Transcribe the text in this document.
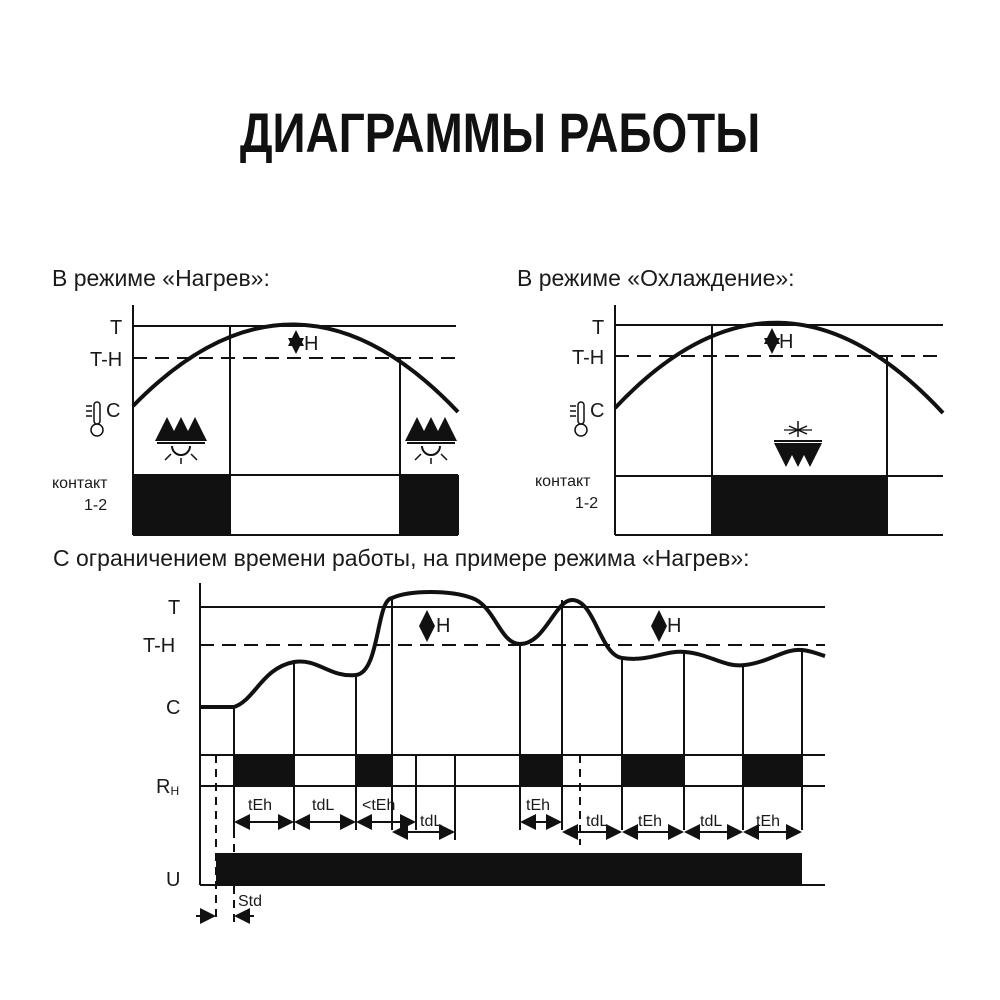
ДИАГРАММЫ РАБОТЫ
В режиме «Нагрев»:
T
T-H
C
контакт
1-2
H
В режиме «Охлаждение»:
T
T-H
C
контакт
1-2
H
С ограничением времени работы, на примере режима «Нагрев»:
T
T-H
C
RH
U
H	H
Std
tEh tdL <tEh
tdL
tEh
tdL tEh tdL tEh
